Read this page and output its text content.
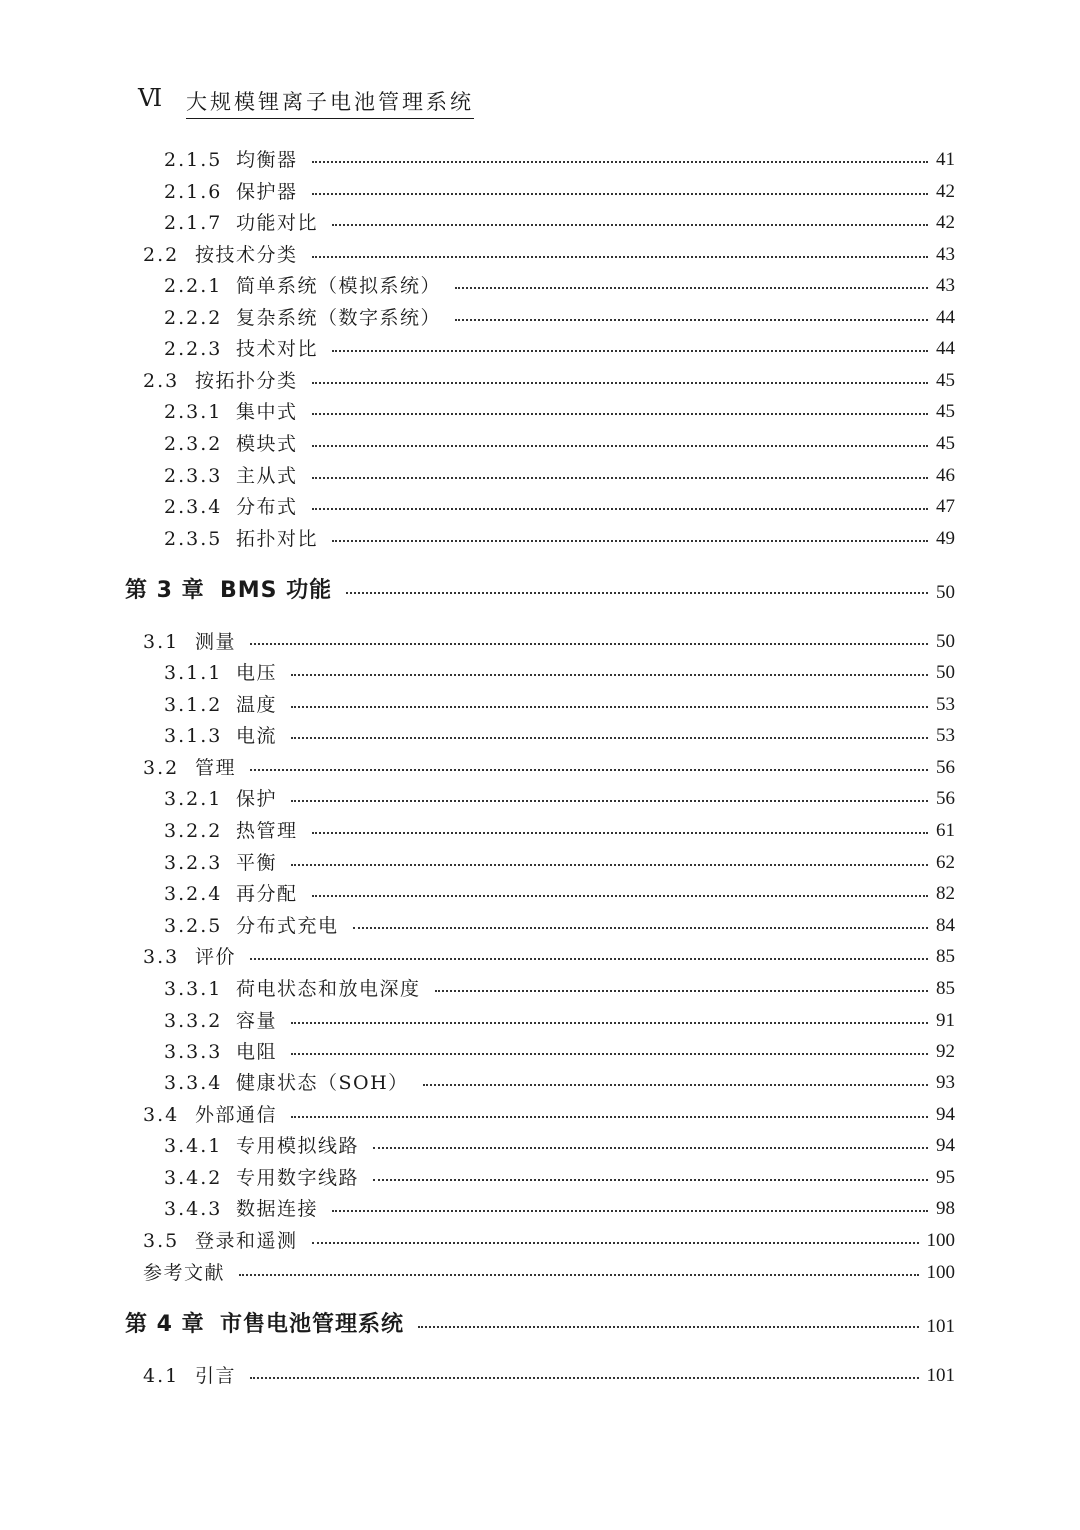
Ⅵ 大规模锂离子电池管理系统
2.1.5 均衡器	41
2.1.6 保护器	42
2.1.7 功能对比	42
2.2 按技术分类	43
2.2.1 简单系统（模拟系统）	43
2.2.2 复杂系统（数字系统）	44
2.2.3 技术对比	44
2.3 按拓扑分类	45
2.3.1 集中式	45
2.3.2 模块式	45
2.3.3 主从式	46
2.3.4 分布式	47
2.3.5 拓扑对比	49
第 3 章 BMS 功能	50
3.1 测量	50
3.1.1 电压	50
3.1.2 温度	53
3.1.3 电流	53
3.2 管理	56
3.2.1 保护	56
3.2.2 热管理	61
3.2.3 平衡	62
3.2.4 再分配	82
3.2.5 分布式充电	84
3.3 评价	85
3.3.1 荷电状态和放电深度	85
3.3.2 容量	91
3.3.3 电阻	92
3.3.4 健康状态（SOH）	93
3.4 外部通信	94
3.4.1 专用模拟线路	94
3.4.2 专用数字线路	95
3.4.3 数据连接	98
3.5 登录和遥测	100
参考文献	100
第 4 章 市售电池管理系统	101
4.1 引言	101
